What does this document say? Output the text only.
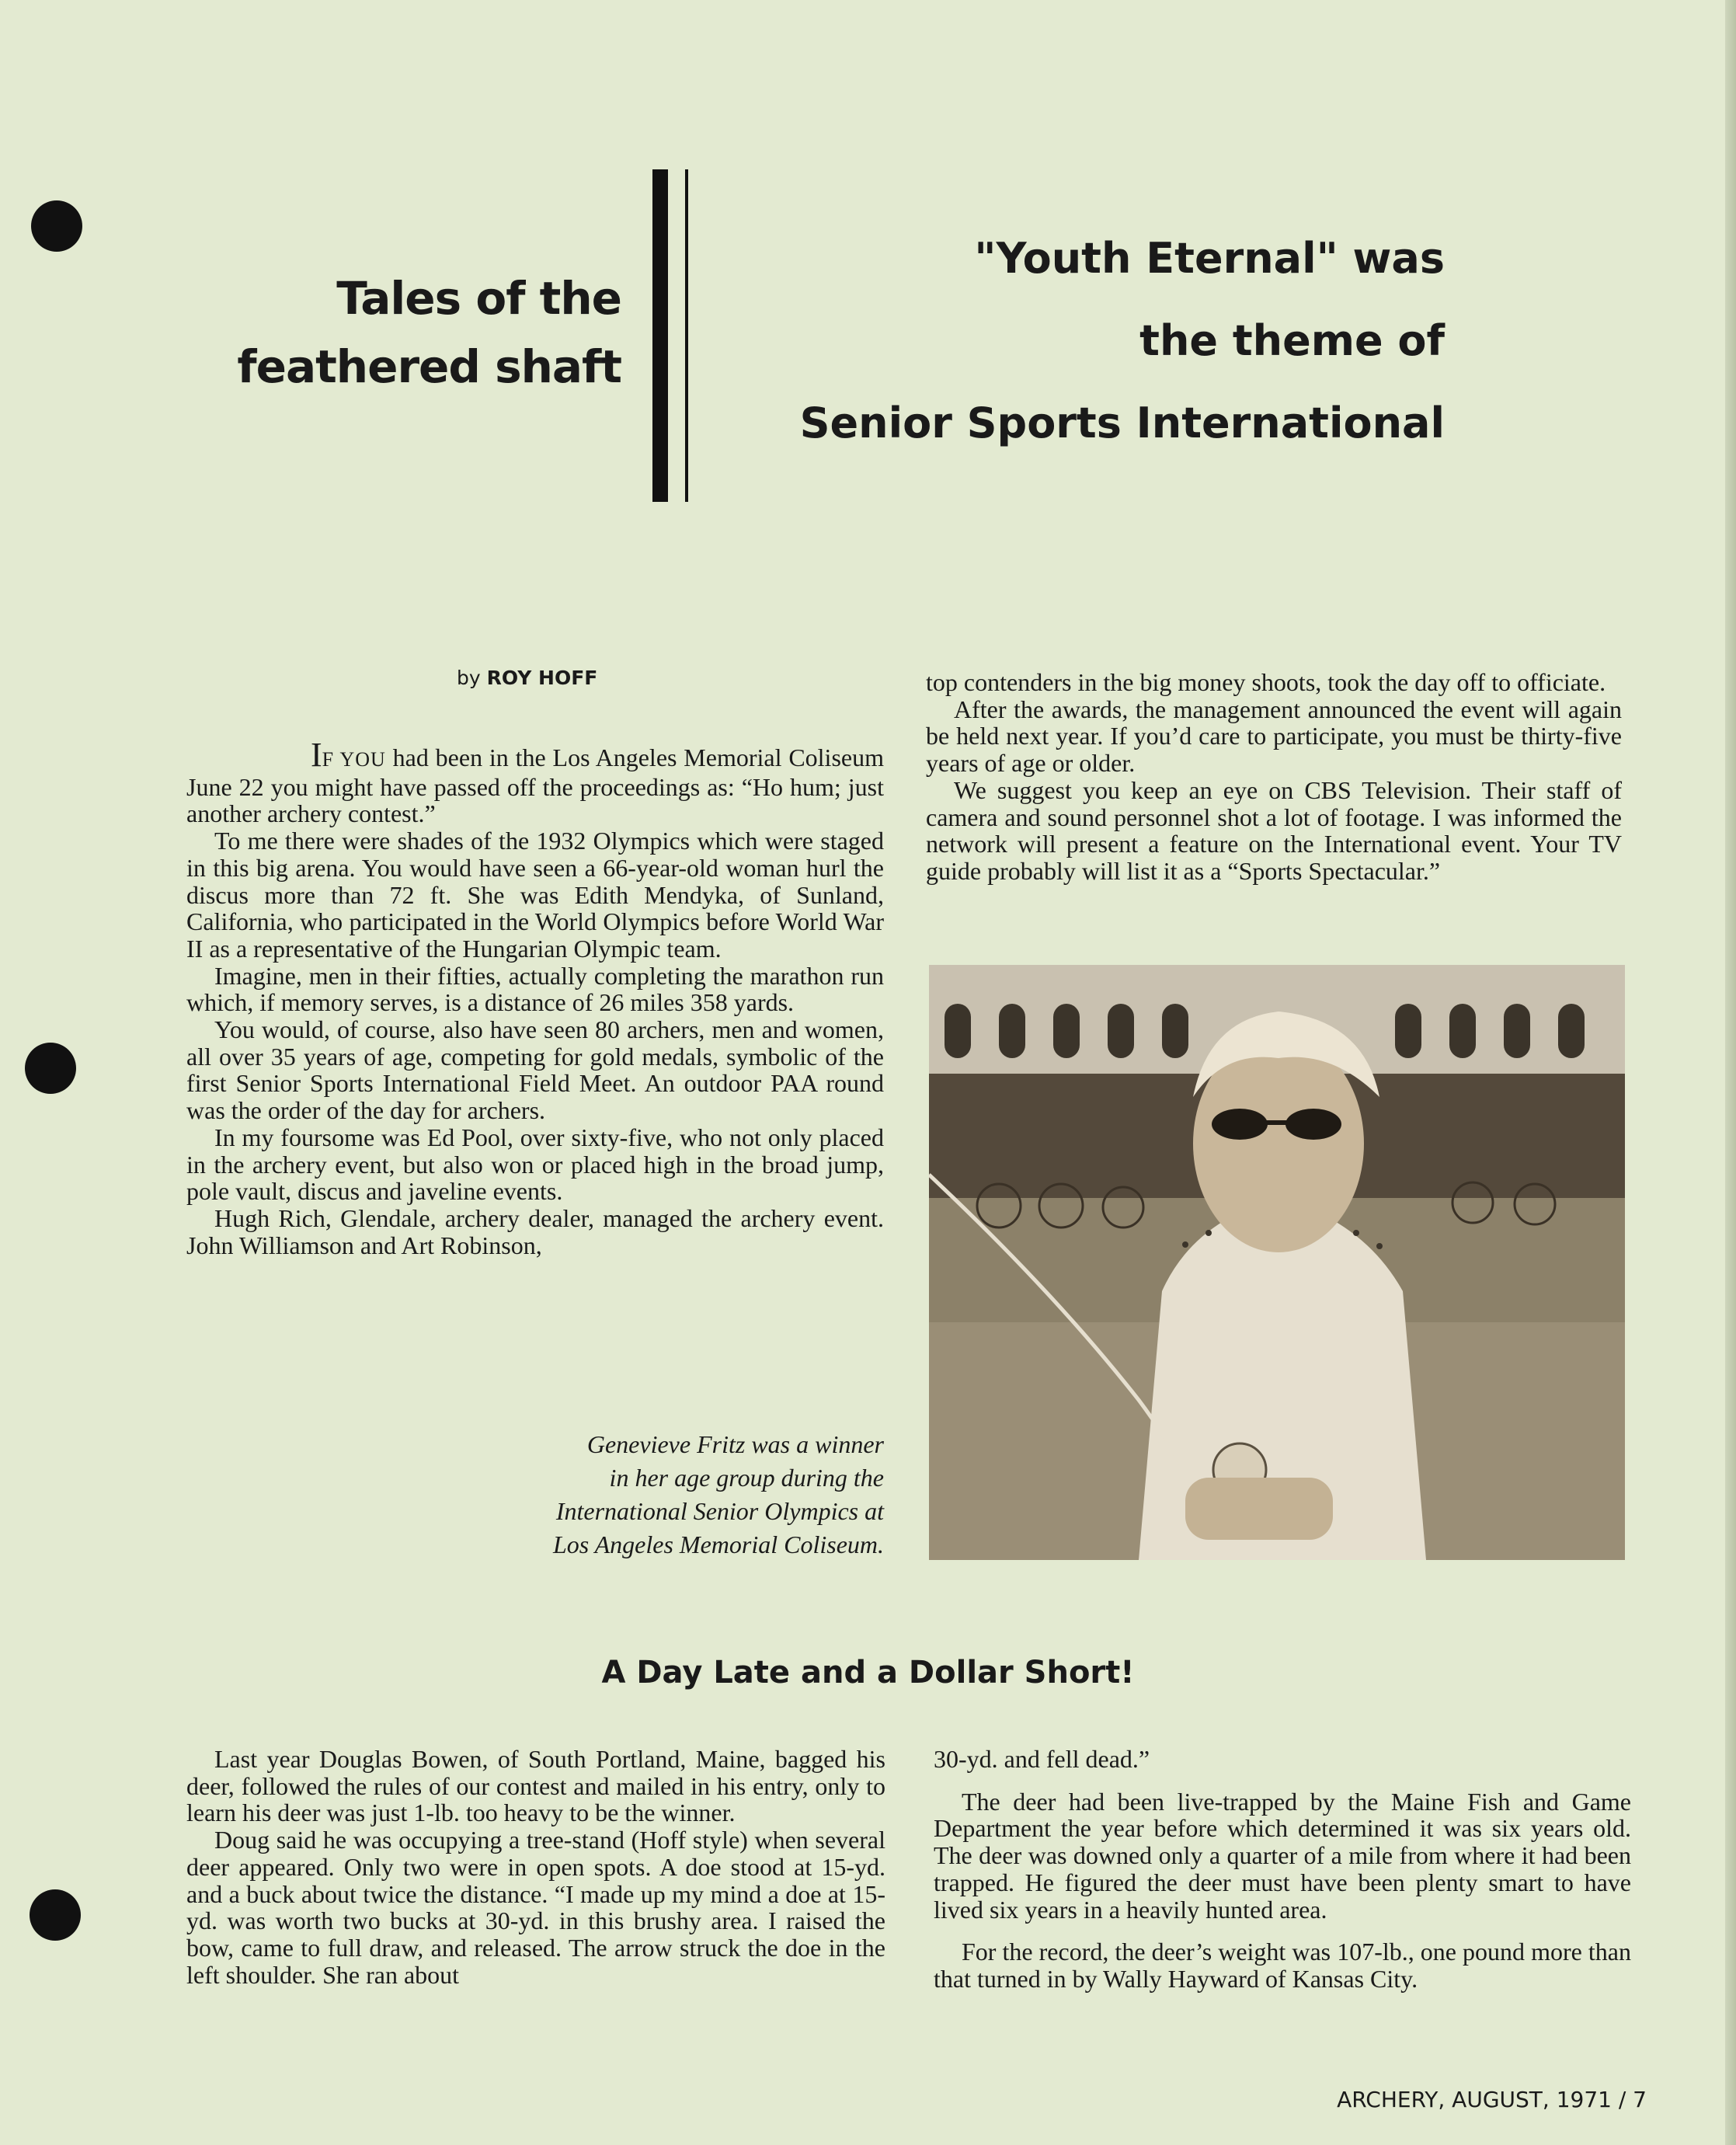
Tales of the
feathered shaft
"Youth Eternal" was
the theme of
Senior Sports International
by ROY HOFF

IF YOU had been in the Los Angeles Memorial Coliseum June 22 you might have passed off the proceedings as: “Ho hum; just another archery contest.”

To me there were shades of the 1932 Olympics which were staged in this big arena. You would have seen a 66-year-old woman hurl the discus more than 72 ft. She was Edith Mendyka, of Sunland, California, who participated in the World Olympics before World War II as a representative of the Hungarian Olympic team.

Imagine, men in their fifties, actually completing the marathon run which, if memory serves, is a distance of 26 miles 358 yards.

You would, of course, also have seen 80 archers, men and women, all over 35 years of age, competing for gold medals, symbolic of the first Senior Sports International Field Meet. An outdoor PAA round was the order of the day for archers.

In my foursome was Ed Pool, over sixty-five, who not only placed in the archery event, but also won or placed high in the broad jump, pole vault, discus and javeline events.

Hugh Rich, Glendale, archery dealer, managed the archery event. John Williamson and Art Robinson,

top contenders in the big money shoots, took the day off to officiate.

After the awards, the management announced the event will again be held next year. If you’d care to participate, you must be thirty-five years of age or older.

We suggest you keep an eye on CBS Television. Their staff of camera and sound personnel shot a lot of footage. I was informed the network will present a feature on the International event. Your TV guide probably will list it as a “Sports Spectacular.”

Genevieve Fritz was a winner
in her age group during the
International Senior Olympics at
Los Angeles Memorial Coliseum.
A Day Late and a Dollar Short!

Last year Douglas Bowen, of South Portland, Maine, bagged his deer, followed the rules of our contest and mailed in his entry, only to learn his deer was just 1-lb. too heavy to be the winner.

Doug said he was occupying a tree-stand (Hoff style) when several deer appeared. Only two were in open spots. A doe stood at 15-yd. and a buck about twice the distance. “I made up my mind a doe at 15-yd. was worth two bucks at 30-yd. in this brushy area. I raised the bow, came to full draw, and released. The arrow struck the doe in the left shoulder. She ran about

30-yd. and fell dead.”

The deer had been live-trapped by the Maine Fish and Game Department the year before which determined it was six years old. The deer was downed only a quarter of a mile from where it had been trapped. He figured the deer must have been plenty smart to have lived six years in a heavily hunted area.

For the record, the deer’s weight was 107-lb., one pound more than that turned in by Wally Hayward of Kansas City.

ARCHERY, AUGUST, 1971 / 7
